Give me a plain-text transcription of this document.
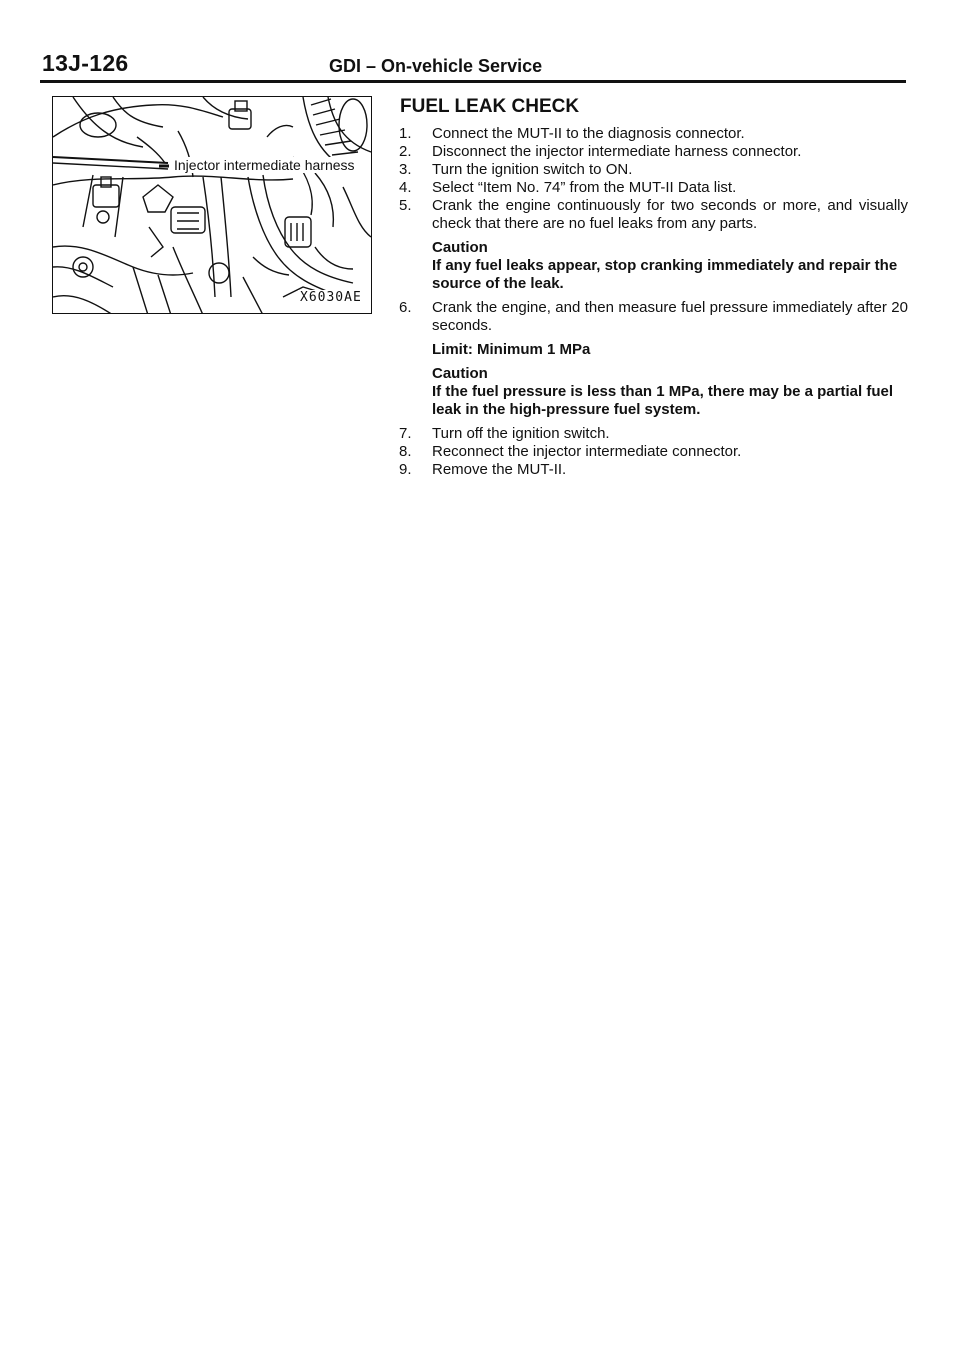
13J-126	GDI – On-vehicle Service
Injector intermediate harness
X6030AE
FUEL LEAK CHECK
1.	Connect the MUT-II to the diagnosis connector.
2.	Disconnect the injector intermediate harness connector.
3.	Turn the ignition switch to ON.
4.	Select “Item No. 74” from the MUT-II Data list.
5.	Crank the engine continuously for two seconds or more, and visually check that there are no fuel leaks from any parts.
Caution
If any fuel leaks appear, stop cranking immediately and repair the source of the leak.
6.	Crank the engine, and then measure fuel pressure immediately after 20 seconds.
Limit: Minimum 1 MPa
Caution
If the fuel pressure is less than 1 MPa, there may be a partial fuel leak in the high-pressure fuel system.
7.	Turn off the ignition switch.
8.	Reconnect the injector intermediate connector.
9.	Remove the MUT-II.
